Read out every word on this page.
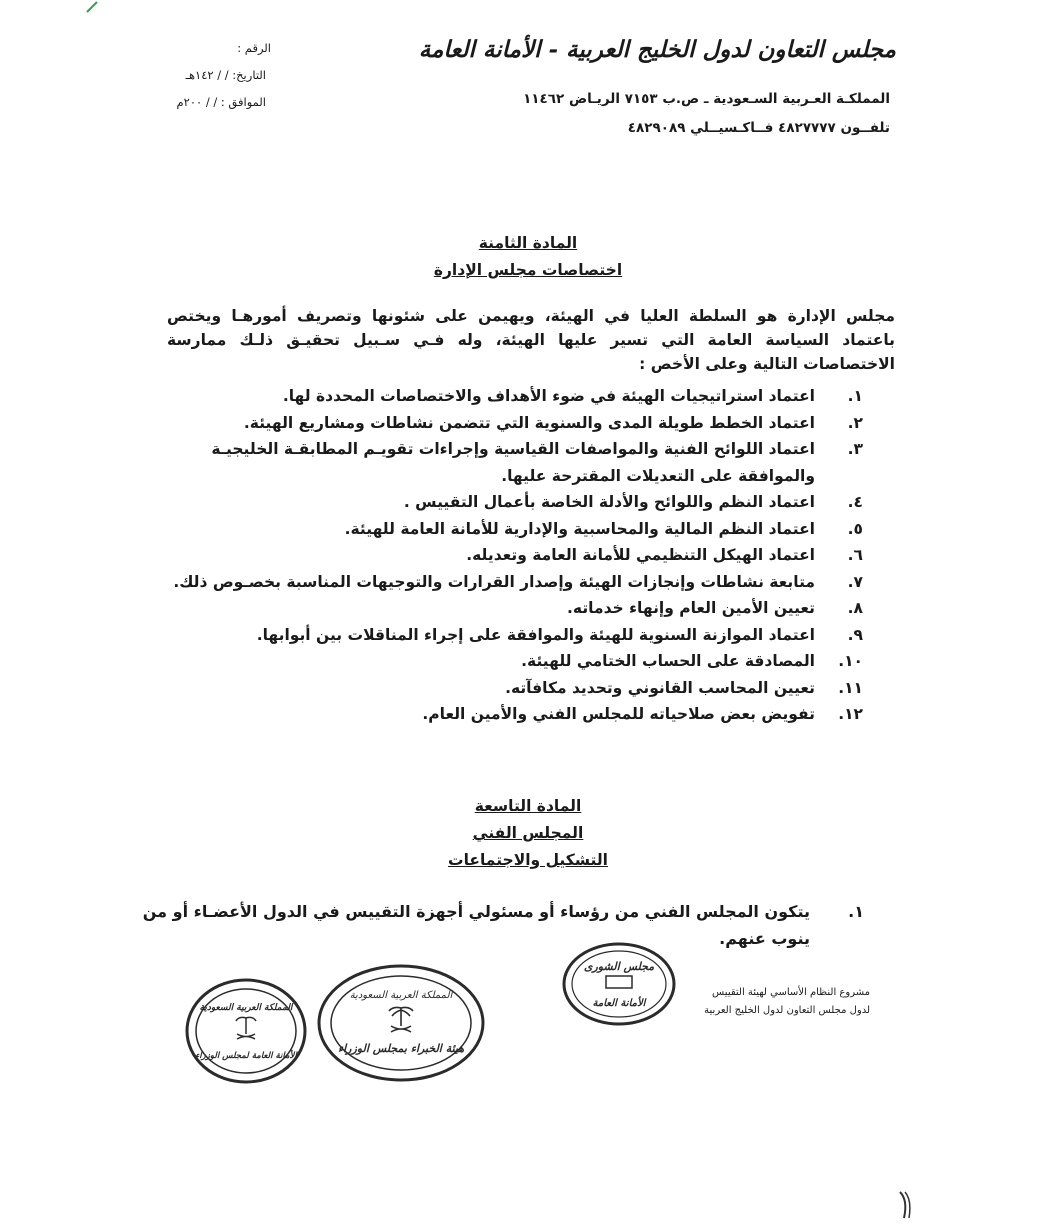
مجلس التعاون لدول الخليج العربية - الأمانة العامة
المملكـة العـربية السـعودية ـ ص.ب ٧١٥٣ الريـاض ١١٤٦٢
تلفــون ٤٨٢٧٧٧٧ فــاكـسيــلي ٤٨٢٩٠٨٩
الرقم :
التاريخ: / / ١٤٢هـ
الموافق : / / ٢٠٠م
المادة الثامنة
اختصاصات مجلس الإدارة
مجلس الإدارة هو السلطة العليا في الهيئة، ويهيمن على شئونها وتصريف أمورهـا ويختص باعتماد السياسة العامة التي تسير عليها الهيئة، وله فـي سـبيل تحقيـق ذلـك ممارسة الاختصاصات التالية وعلى الأخص :
١.
اعتماد استراتيجيات الهيئة في ضوء الأهداف والاختصاصات المحددة لها.
٢.
اعتماد الخطط طويلة المدى والسنوية التي تتضمن نشاطات ومشاريع الهيئة.
٣.
اعتماد اللوائح الفنية والمواصفات القياسية وإجراءات تقويـم المطابقـة الخليجيـة والموافقة على التعديلات المقترحة عليها.
٤.
اعتماد النظم واللوائح والأدلة الخاصة بأعمال التقييس .
٥.
اعتماد النظم المالية والمحاسبية والإدارية للأمانة العامة للهيئة.
٦.
اعتماد الهيكل التنظيمي للأمانة العامة وتعديله.
٧.
متابعة نشاطات وإنجازات الهيئة وإصدار القرارات والتوجيهات المناسبة بخصـوص ذلك.
٨.
تعيين الأمين العام وإنهاء خدماته.
٩.
اعتماد الموازنة السنوية للهيئة والموافقة على إجراء المناقلات بين أبوابها.
١٠.
المصادقة على الحساب الختامي للهيئة.
١١.
تعيين المحاسب القانوني وتحديد مكافآته.
١٢.
تفويض بعض صلاحياته للمجلس الفني والأمين العام.
المادة التاسعة
المجلس الفني
التشكيل والاجتماعات
١.
يتكون المجلس الفني من رؤساء أو مسئولي أجهزة التقييس في الدول الأعضـاء أو من ينوب عنهم.
مشروع النظام الأساسي لهيئة التقييس
لدول مجلس التعاون لدول الخليج العربية
مجلس الشورى
الأمانة العامة
المملكة العربية السعودية
هيئة الخبراء بمجلس الوزراء
المملكة العربية السعودية
الأمانة العامة لمجلس الوزراء
